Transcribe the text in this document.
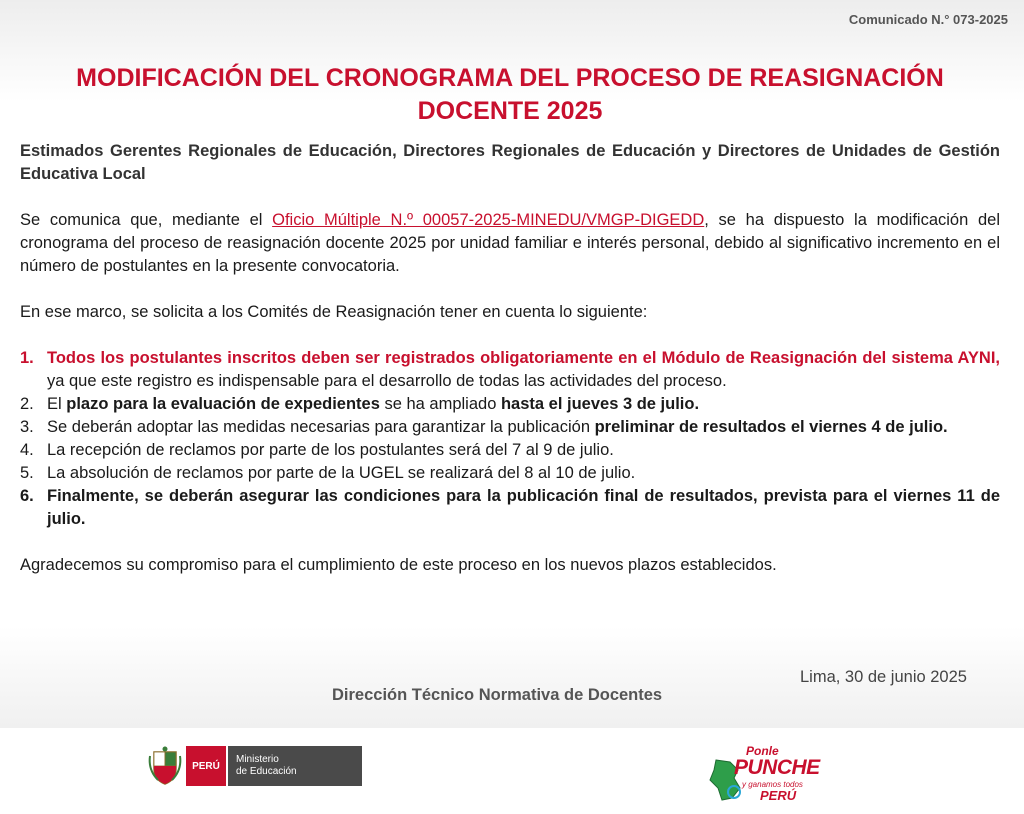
Comunicado N.° 073-2025
MODIFICACIÓN DEL CRONOGRAMA DEL PROCESO DE REASIGNACIÓN
DOCENTE 2025

Estimados Gerentes Regionales de Educación, Directores Regionales de Educación y Directores de Unidades de Gestión Educativa Local

Se comunica que, mediante el Oficio Múltiple N.º 00057-2025-MINEDU/VMGP-DIGEDD, se ha dispuesto la modificación del cronograma del proceso de reasignación docente 2025 por unidad familiar e interés personal, debido al significativo incremento en el número de postulantes en la presente convocatoria.

En ese marco, se solicita a los Comités de Reasignación tener en cuenta lo siguiente:

1. Todos los postulantes inscritos deben ser registrados obligatoriamente en el Módulo de Reasignación del sistema AYNI, ya que este registro es indispensable para el desarrollo de todas las actividades del proceso.
2. El plazo para la evaluación de expedientes se ha ampliado hasta el jueves 3 de julio.
3. Se deberán adoptar las medidas necesarias para garantizar la publicación preliminar de resultados el viernes 4 de julio.
4. La recepción de reclamos por parte de los postulantes será del 7 al 9 de julio.
5. La absolución de reclamos por parte de la UGEL se realizará del 8 al 10 de julio.
6. Finalmente, se deberán asegurar las condiciones para la publicación final de resultados, prevista para el viernes 11 de julio.

Agradecemos su compromiso para el cumplimiento de este proceso en los nuevos plazos establecidos.

Lima, 30 de junio 2025
Dirección Técnico Normativa de Docentes
PERÚ
Ministerio
de Educación
Ponle
PUNCHE
y ganamos todos
PERÚ
